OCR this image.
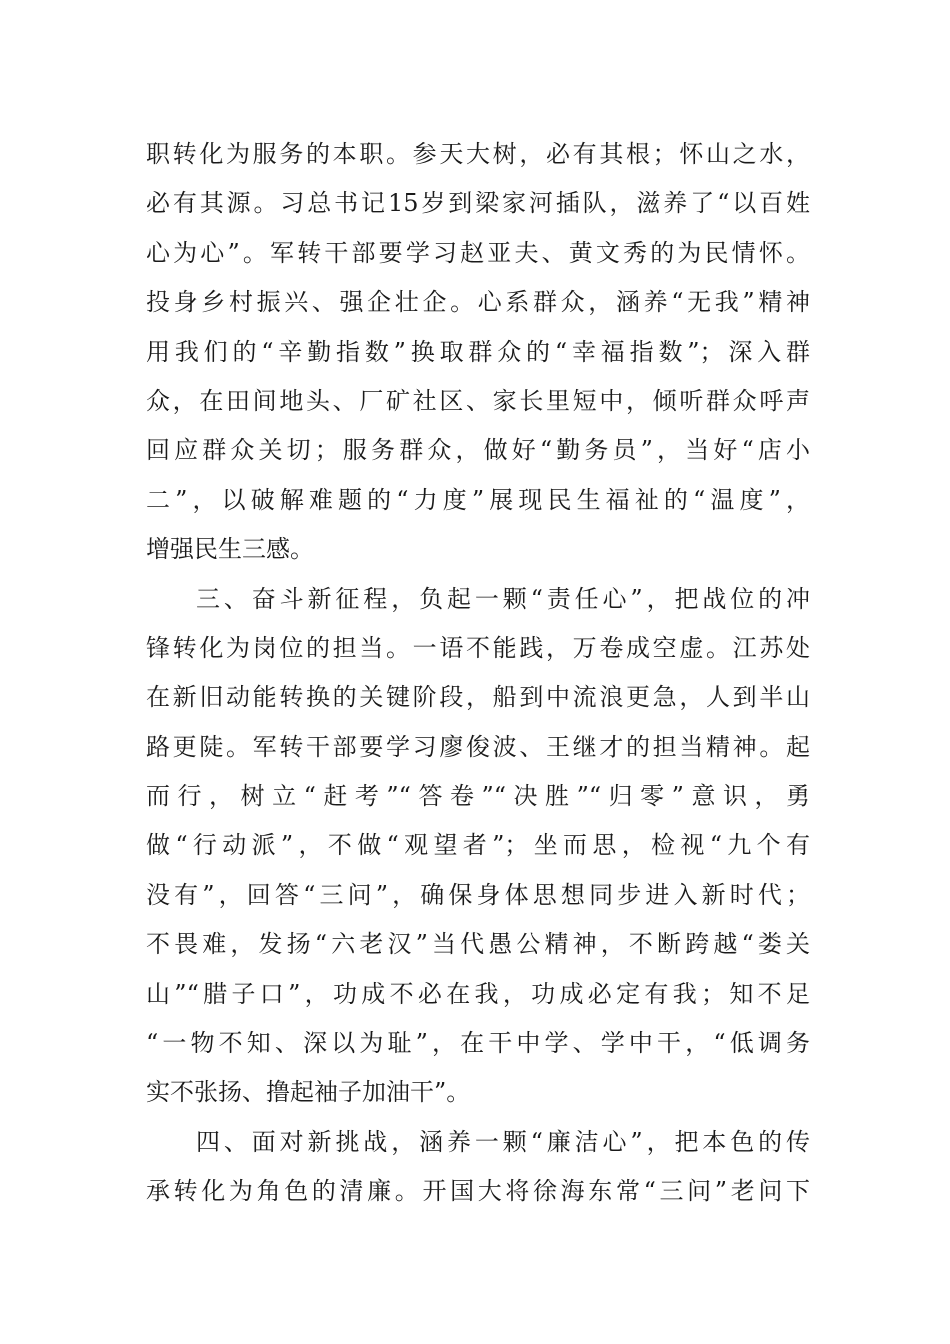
职转化为服务的本职。参天大树，必有其根；怀山之水，
必有其源。习总书记15岁到梁家河插队，滋养了“以百姓
心为心”。军转干部要学习赵亚夫、黄文秀的为民情怀。
投身乡村振兴、强企壮企。心系群众，涵养“无我”精神
用我们的“辛勤指数”换取群众的“幸福指数”；深入群
众，在田间地头、厂矿社区、家长里短中，倾听群众呼声
回应群众关切；服务群众，做好“勤务员”，当好“店小
二”，以破解难题的“力度”展现民生福祉的“温度”，
增强民生三感。
三、奋斗新征程，负起一颗“责任心”，把战位的冲
锋转化为岗位的担当。一语不能践，万卷成空虚。江苏处
在新旧动能转换的关键阶段，船到中流浪更急，人到半山
路更陡。军转干部要学习廖俊波、王继才的担当精神。起
而行，树立“赶考”“答卷”“决胜”“归零”意识，勇
做“行动派”，不做“观望者”；坐而思，检视“九个有
没有”，回答“三问”，确保身体思想同步进入新时代；
不畏难，发扬“六老汉”当代愚公精神，不断跨越“娄关
山”“腊子口”，功成不必在我，功成必定有我；知不足
“一物不知、深以为耻”，在干中学、学中干，“低调务
实不张扬、撸起袖子加油干”。
四、面对新挑战，涵养一颗“廉洁心”，把本色的传
承转化为角色的清廉。开国大将徐海东常“三问”老问下
